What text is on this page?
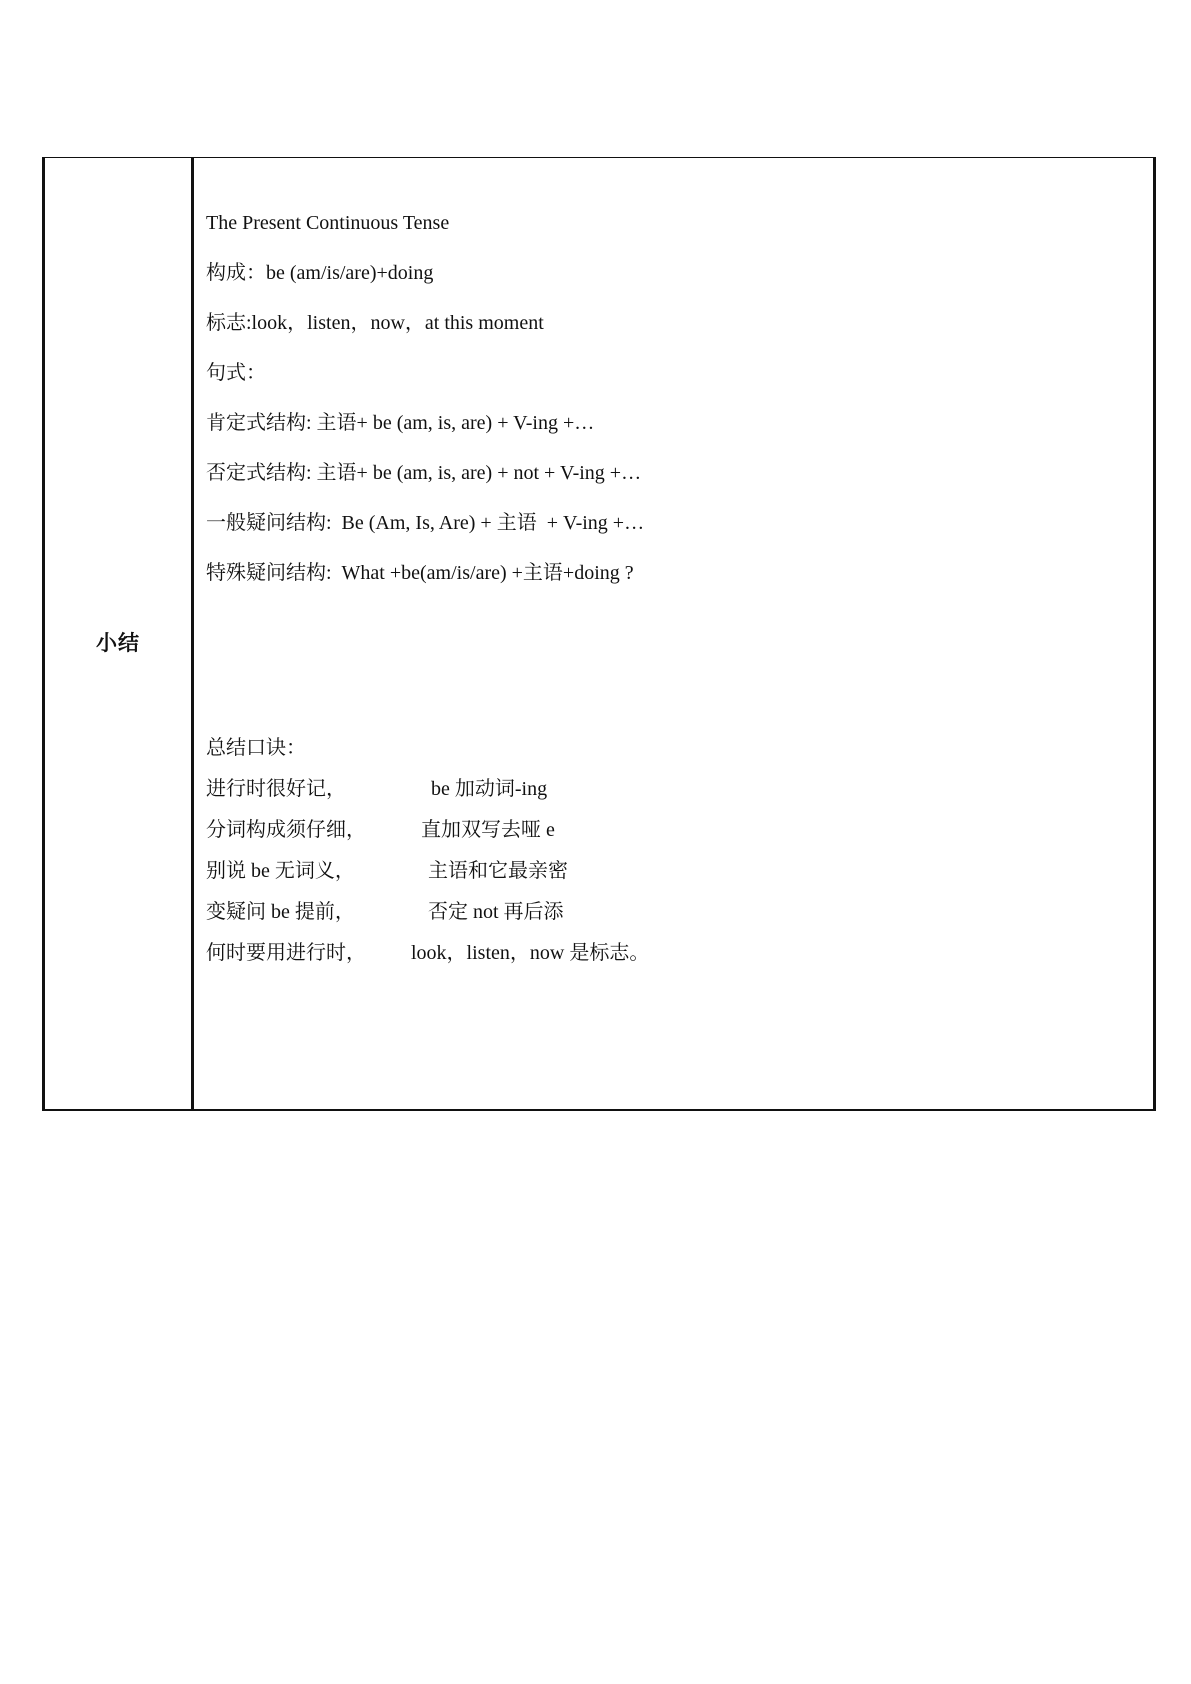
小结
The Present Continuous Tense
构成：be (am/is/are)+doing
标志:look，listen，now，at this moment
句式：
肯定式结构: 主语+ be (am, is, are) + V-ing +…
否定式结构: 主语+ be (am, is, are) + not + V-ing +…
一般疑问结构:  Be (Am, Is, Are) + 主语  + V-ing +…
特殊疑问结构:  What +be(am/is/are) +主语+doing ?
总结口诀：

进行时很好记，

	be 加动词-ing

分词构成须仔细，

	直加双写去哑 e

别说 be 无词义，

	主语和它最亲密

变疑问 be 提前，

	否定 not 再后添

何时要用进行时，

look，listen，now 是标志。
